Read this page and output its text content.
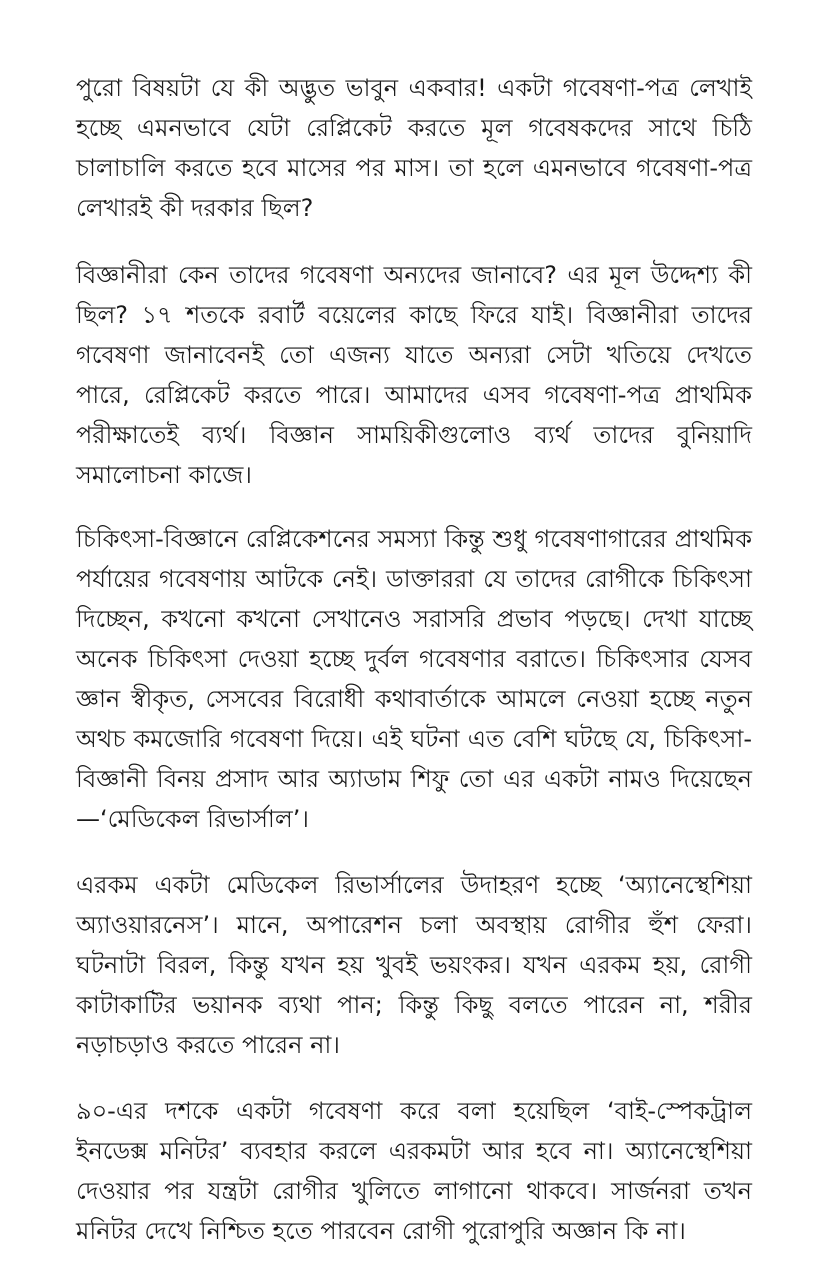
পুরো বিষয়টা যে কী অদ্ভুত ভাবুন একবার! একটা গবেষণা-পত্র লেখাই হচ্ছে এমনভাবে যেটা রেপ্লিকেট করতে মূল গবেষকদের সাথে চিঠি চালাচালি করতে হবে মাসের পর মাস। তা হলে এমনভাবে গবেষণা-পত্র লেখারই কী দরকার ছিল?

বিজ্ঞানীরা কেন তাদের গবেষণা অন্যদের জানাবে? এর মূল উদ্দেশ্য কী ছিল? ১৭ শতকে রবার্ট বয়েলের কাছে ফিরে যাই। বিজ্ঞানীরা তাদের গবেষণা জানাবেনই তো এজন্য যাতে অন্যরা সেটা খতিয়ে দেখতে পারে, রেপ্লিকেট করতে পারে। আমাদের এসব গবেষণা-পত্র প্রাথমিক পরীক্ষাতেই ব্যর্থ। বিজ্ঞান সাময়িকীগুলোও ব্যর্থ তাদের বুনিয়াদি সমালোচনা কাজে।

চিকিৎসা-বিজ্ঞানে রেপ্লিকেশনের সমস্যা কিন্তু শুধু গবেষণাগারের প্রাথমিক পর্যায়ের গবেষণায় আটকে নেই। ডাক্তাররা যে তাদের রোগীকে চিকিৎসা দিচ্ছেন, কখনো কখনো সেখানেও সরাসরি প্রভাব পড়ছে। দেখা যাচ্ছে অনেক চিকিৎসা দেওয়া হচ্ছে দুর্বল গবেষণার বরাতে। চিকিৎসার যেসব জ্ঞান স্বীকৃত, সেসবের বিরোধী কথাবার্তাকে আমলে নেওয়া হচ্ছে নতুন অথচ কমজোরি গবেষণা দিয়ে। এই ঘটনা এত বেশি ঘটছে যে, চিকিৎসা-বিজ্ঞানী বিনয় প্রসাদ আর অ্যাডাম শিফু তো এর একটা নামও দিয়েছেন—‘মেডিকেল রিভার্সাল’।

এরকম একটা মেডিকেল রিভার্সালের উদাহরণ হচ্ছে ‘অ্যানেস্থেশিয়া অ্যাওয়ারনেস’। মানে, অপারেশন চলা অবস্থায় রোগীর হুঁশ ফেরা। ঘটনাটা বিরল, কিন্তু যখন হয় খুবই ভয়ংকর। যখন এরকম হয়, রোগী কাটাকাটির ভয়ানক ব্যথা পান; কিন্তু কিছু বলতে পারেন না, শরীর নড়াচড়াও করতে পারেন না।

৯০-এর দশকে একটা গবেষণা করে বলা হয়েছিল ‘বাই-স্পেকট্রাল ইনডেক্স মনিটর’ ব্যবহার করলে এরকমটা আর হবে না। অ্যানেস্থেশিয়া দেওয়ার পর যন্ত্রটা রোগীর খুলিতে লাগানো থাকবে। সার্জনরা তখন মনিটর দেখে নিশ্চিত হতে পারবেন রোগী পুরোপুরি অজ্ঞান কি না।
